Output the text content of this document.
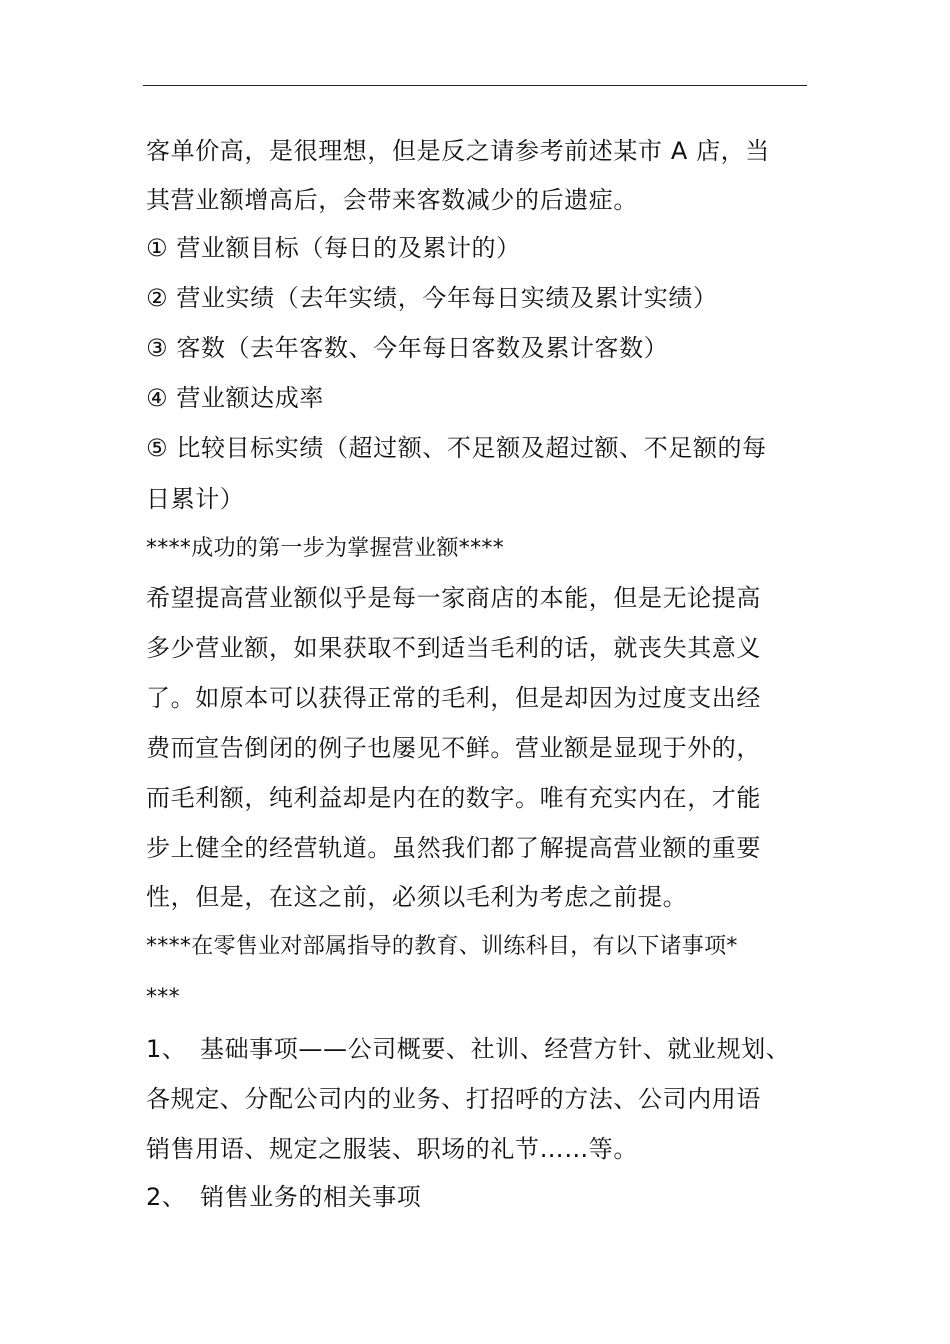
客单价高，是很理想，但是反之请参考前述某市 A 店，当
其营业额增高后，会带来客数减少的后遗症。
① 营业额目标（每日的及累计的）
② 营业实绩（去年实绩，今年每日实绩及累计实绩）
③ 客数（去年客数、今年每日客数及累计客数）
④ 营业额达成率
⑤ 比较目标实绩（超过额、不足额及超过额、不足额的每
日累计）
****成功的第一步为掌握营业额****
希望提高营业额似乎是每一家商店的本能，但是无论提高
多少营业额，如果获取不到适当毛利的话，就丧失其意义
了。如原本可以获得正常的毛利，但是却因为过度支出经
费而宣告倒闭的例子也屡见不鲜。营业额是显现于外的，
而毛利额，纯利益却是内在的数字。唯有充实内在，才能
步上健全的经营轨道。虽然我们都了解提高营业额的重要
性，但是，在这之前，必须以毛利为考虑之前提。
****在零售业对部属指导的教育、训练科目，有以下诸事项*
***
1、 基础事项——公司概要、社训、经营方针、就业规划、
各规定、分配公司内的业务、打招呼的方法、公司内用语
销售用语、规定之服装、职场的礼节……等。
2、 销售业务的相关事项
